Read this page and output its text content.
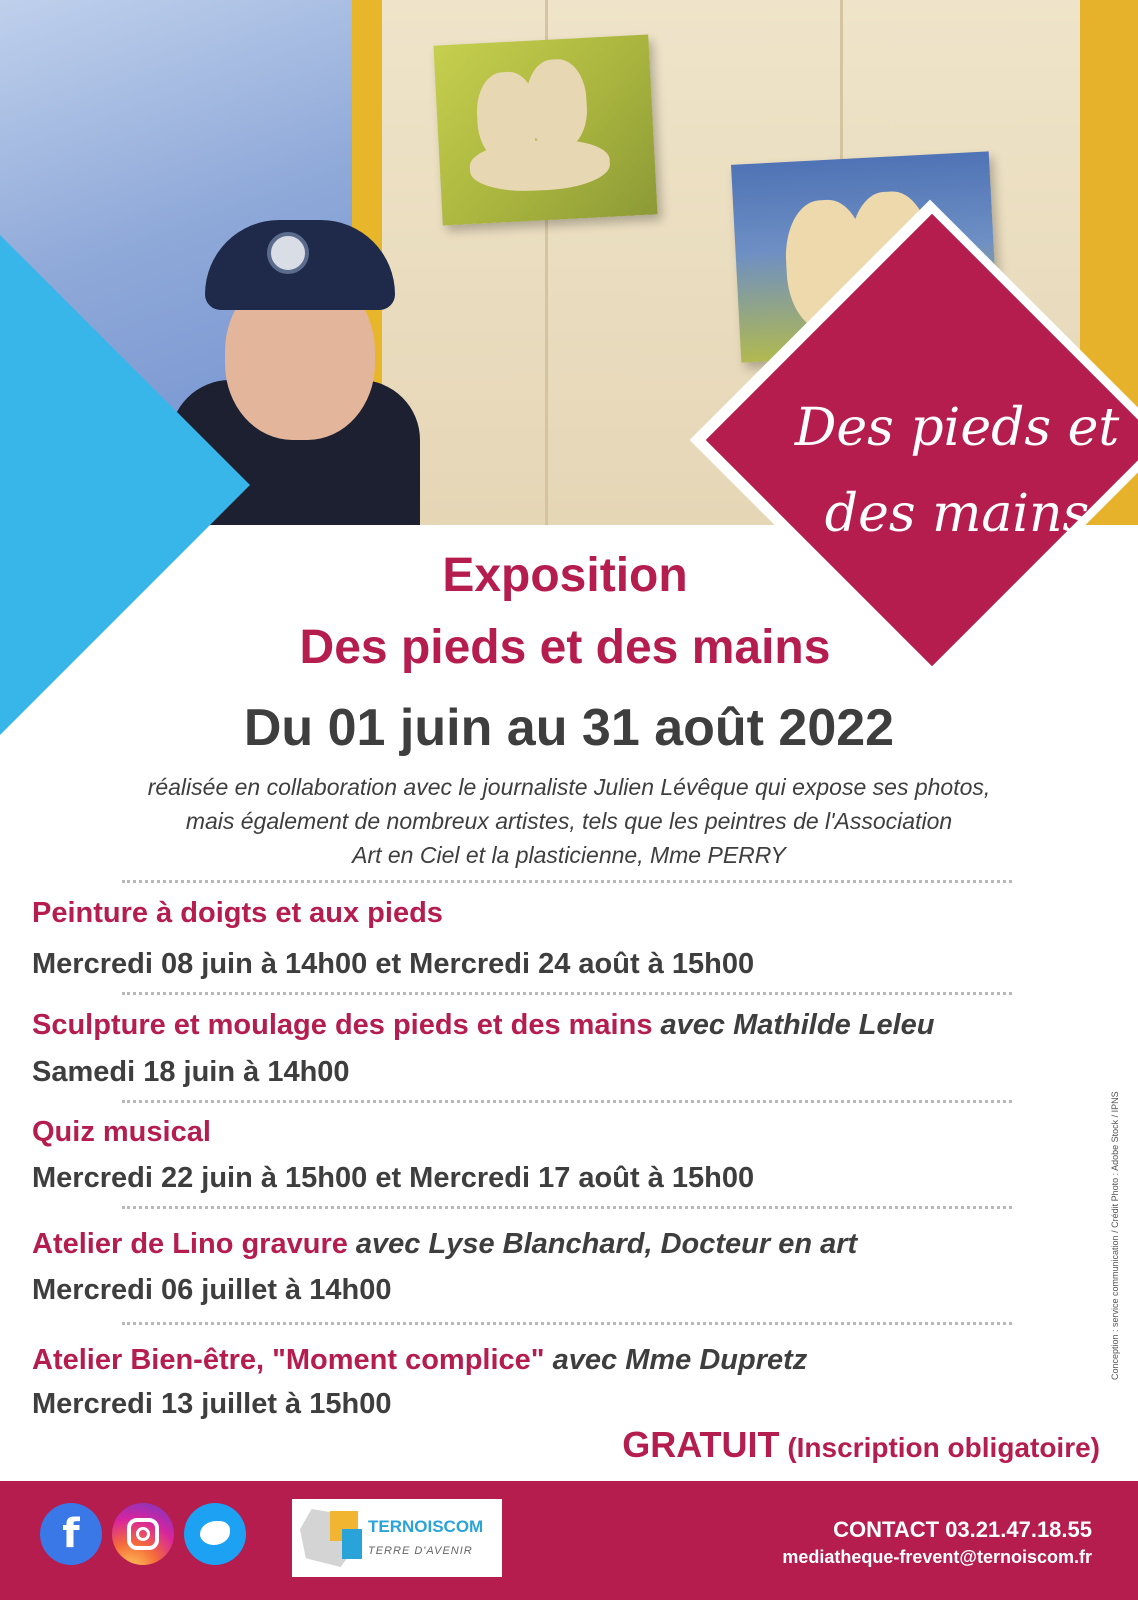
Des pieds et
des mains
Exposition
Des pieds et des mains
Du 01 juin au 31 août 2022
réalisée en collaboration avec le journaliste Julien Lévêque qui expose ses photos,
mais également de nombreux artistes, tels que les peintres de l'Association
Art en Ciel et la plasticienne, Mme PERRY
Peinture à doigts et aux pieds
Mercredi 08 juin à 14h00 et Mercredi 24 août à 15h00
Sculpture et moulage des pieds et des mains avec Mathilde Leleu
Samedi 18 juin à 14h00
Quiz musical
Mercredi 22 juin à 15h00 et Mercredi 17 août à 15h00
Atelier de Lino gravure avec Lyse Blanchard, Docteur en art
Mercredi 06 juillet à 14h00
Atelier Bien-être, "Moment complice" avec Mme Dupretz
Mercredi 13 juillet à 15h00
GRATUIT (Inscription obligatoire)
Conception : service communication / Crédit Photo : Adobe Stock / IPNS
f	TERNOISCOM
TERRE D'AVENIR
CONTACT 03.21.47.18.55
mediatheque-frevent@ternoiscom.fr
